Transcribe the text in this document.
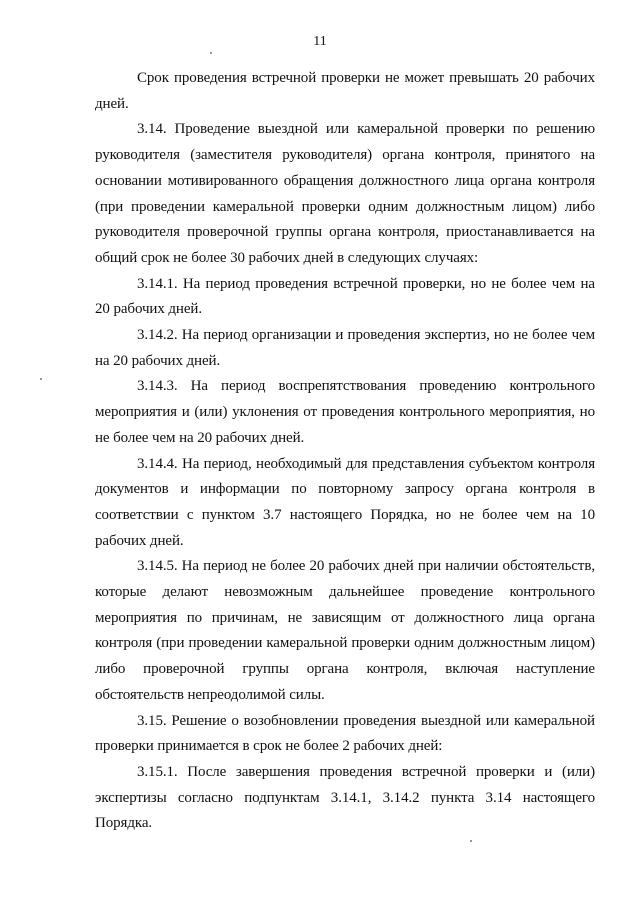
11

Срок проведения встречной проверки не может превышать 20 рабочих дней.

3.14. Проведение выездной или камеральной проверки по решению руководителя (заместителя руководителя) органа контроля, принятого на основании мотивированного обращения должностного лица органа контроля (при проведении камеральной проверки одним должностным лицом) либо руководителя проверочной группы органа контроля, приостанавливается на общий срок не более 30 рабочих дней в следующих случаях:

3.14.1. На период проведения встречной проверки, но не более чем на 20 рабочих дней.

3.14.2. На период организации и проведения экспертиз, но не более чем на 20 рабочих дней.

3.14.3. На период воспрепятствования проведению контрольного мероприятия и (или) уклонения от проведения контрольного мероприятия, но не более чем на 20 рабочих дней.

3.14.4. На период, необходимый для представления субъектом контроля документов и информации по повторному запросу органа контроля в соответствии с пунктом 3.7 настоящего Порядка, но не более чем на 10 рабочих дней.

3.14.5. На период не более 20 рабочих дней при наличии обстоятельств, которые делают невозможным дальнейшее проведение контрольного мероприятия по причинам, не зависящим от должностного лица органа контроля (при проведении камеральной проверки одним должностным лицом) либо проверочной группы органа контроля, включая наступление обстоятельств непреодолимой силы.

3.15. Решение о возобновлении проведения выездной или камеральной проверки принимается в срок не более 2 рабочих дней:

3.15.1. После завершения проведения встречной проверки и (или) экспертизы согласно подпунктам 3.14.1, 3.14.2 пункта 3.14 настоящего Порядка.
